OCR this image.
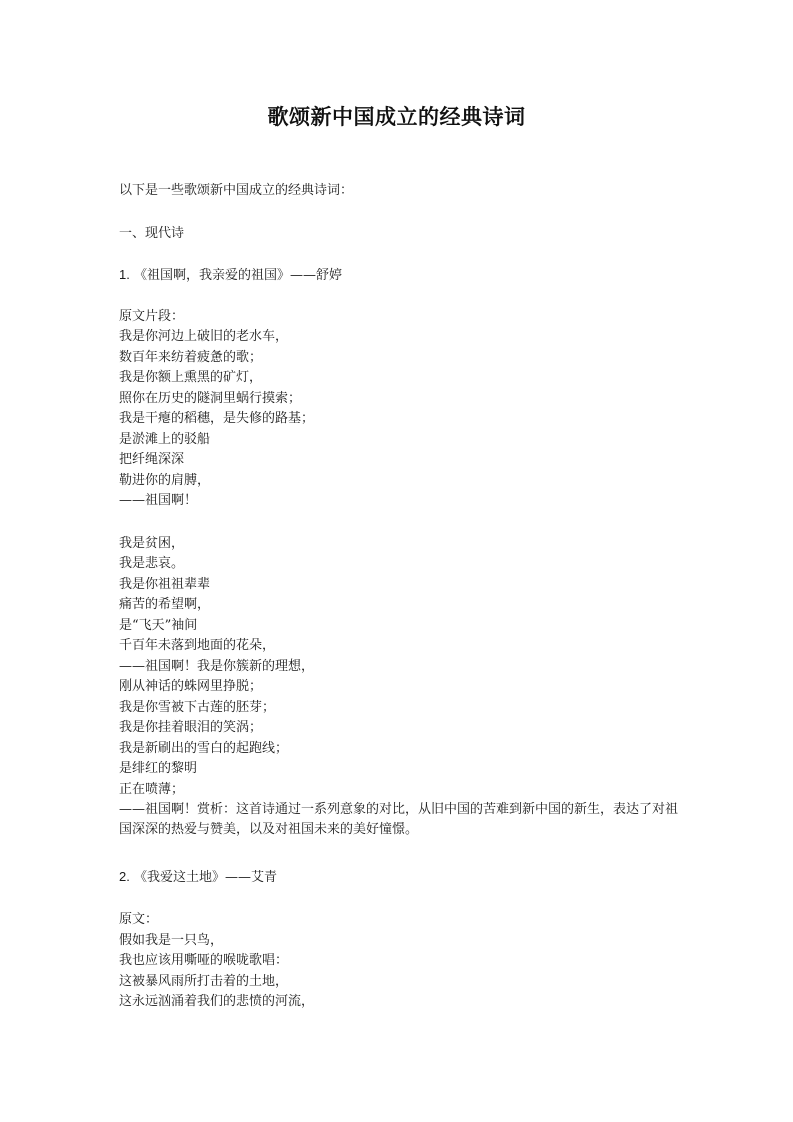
歌颂新中国成立的经典诗词
以下是一些歌颂新中国成立的经典诗词：
一、现代诗
1. 《祖国啊，我亲爱的祖国》——舒婷
原文片段：
我是你河边上破旧的老水车，
数百年来纺着疲惫的歌；
我是你额上熏黑的矿灯，
照你在历史的隧洞里蜗行摸索；
我是干瘪的稻穗，是失修的路基；
是淤滩上的驳船
把纤绳深深
勒进你的肩膊，
——祖国啊！
我是贫困，
我是悲哀。
我是你祖祖辈辈
痛苦的希望啊，
是“飞天”袖间
千百年未落到地面的花朵，
——祖国啊！我是你簇新的理想，
刚从神话的蛛网里挣脱；
我是你雪被下古莲的胚芽；
我是你挂着眼泪的笑涡；
我是新刷出的雪白的起跑线；
是绯红的黎明
正在喷薄；
——祖国啊！赏析：这首诗通过一系列意象的对比，从旧中国的苦难到新中国的新生，表达了对祖国深深的热爱与赞美，以及对祖国未来的美好憧憬。
2. 《我爱这土地》——艾青
原文：
假如我是一只鸟，
我也应该用嘶哑的喉咙歌唱：
这被暴风雨所打击着的土地，
这永远汹涌着我们的悲愤的河流，
